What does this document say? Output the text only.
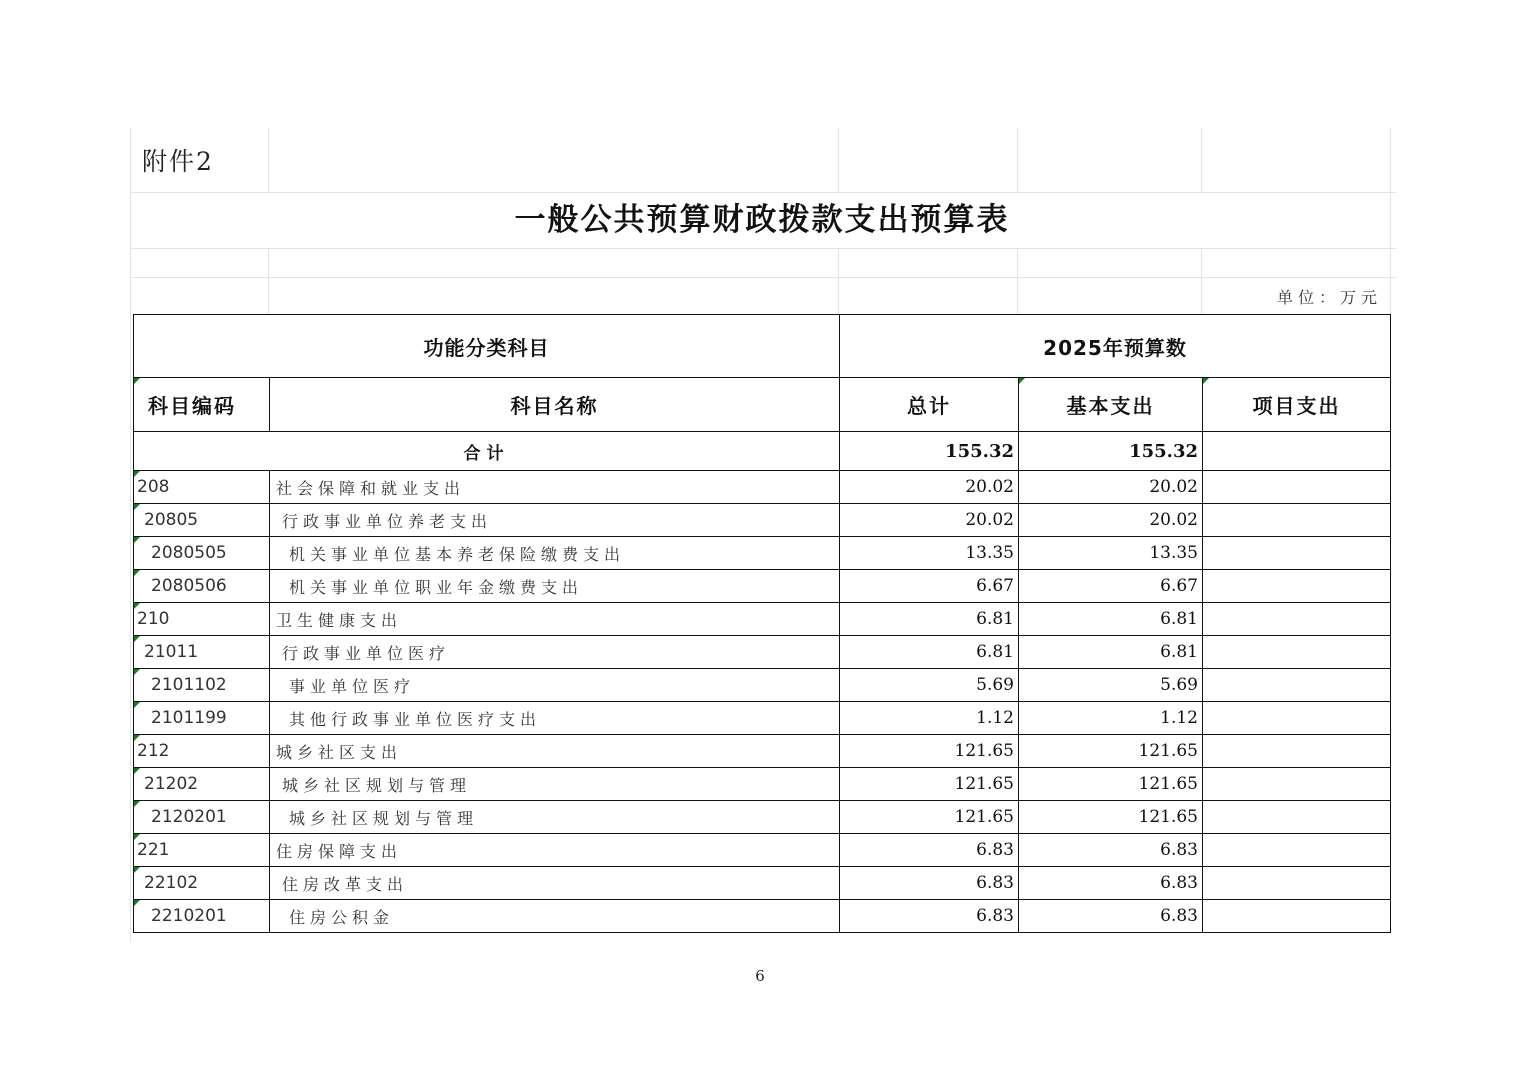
附件2
一般公共预算财政拨款支出预算表
单位：万元
功能分类科目		2025年预算数		

科目编码	科目名称	总计	基本支出	项目支出
合计		155.32	155.32	

208	社会保障和就业支出	20.02	20.02	

20805	行政事业单位养老支出	20.02	20.02	

2080505	机关事业单位基本养老保险缴费支出	13.35	13.35	

2080506	机关事业单位职业年金缴费支出	6.67	6.67	

210	卫生健康支出	6.81	6.81	

21011	行政事业单位医疗	6.81	6.81	

2101102	事业单位医疗	5.69	5.69	

2101199	其他行政事业单位医疗支出	1.12	1.12	

212	城乡社区支出	121.65	121.65	

21202	城乡社区规划与管理	121.65	121.65	

2120201	城乡社区规划与管理	121.65	121.65	

221	住房保障支出	6.83	6.83	

22102	住房改革支出	6.83	6.83	

2210201	住房公积金	6.83	6.83	
6
